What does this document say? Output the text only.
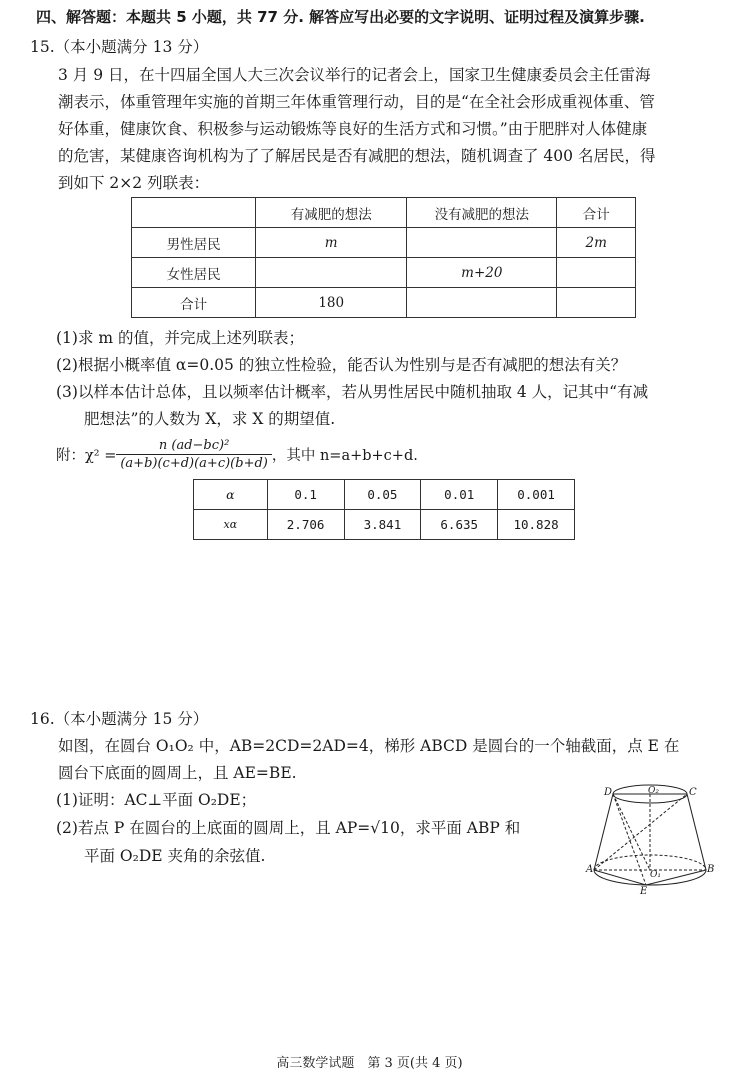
四、解答题：本题共 5 小题，共 77 分. 解答应写出必要的文字说明、证明过程及演算步骤.
15.（本小题满分 13 分）
3 月 9 日，在十四届全国人大三次会议举行的记者会上，国家卫生健康委员会主任雷海
潮表示，体重管理年实施的首期三年体重管理行动，目的是“在全社会形成重视体重、管
好体重，健康饮食、积极参与运动锻炼等良好的生活方式和习惯。”由于肥胖对人体健康
的危害，某健康咨询机构为了了解居民是否有减肥的想法，随机调查了 400 名居民，得
到如下 2×2 列联表：
	有减肥的想法	没有减肥的想法	合计
男性居民	m		2m
女性居民		m+20	
合计	180		
(1)求 m 的值，并完成上述列联表；
(2)根据小概率值 α=0.05 的独立性检验，能否认为性别与是否有减肥的想法有关？
(3)以样本估计总体，且以频率估计概率，若从男性居民中随机抽取 4 人，记其中“有减
肥想法”的人数为 X，求 X 的期望值.
附：$\chi^2 = \frac{\text{n (ad−bc)²}}{(a+b)(c+d)(a+c)(b+d)}$ ，其中 n=a+b+c+d.
α	0.1	0.05	0.01	0.001
xα	2.706	3.841	6.635	10.828
16.（本小题满分 15 分）
如图，在圆台 O₁O₂ 中，AB=2CD=2AD=4，梯形 ABCD 是圆台的一个轴截面，点 E 在
圆台下底面的圆周上，且 AE=BE.
(1)证明：AC⊥平面 O₂DE；
(2)若点 P 在圆台的上底面的圆周上，且 AP=√10，求平面 ABP 和
平面 O₂DE 夹角的余弦值.
D	O₂	C
A	O₁	B
E
高三数学试题　第 3 页(共 4 页)
